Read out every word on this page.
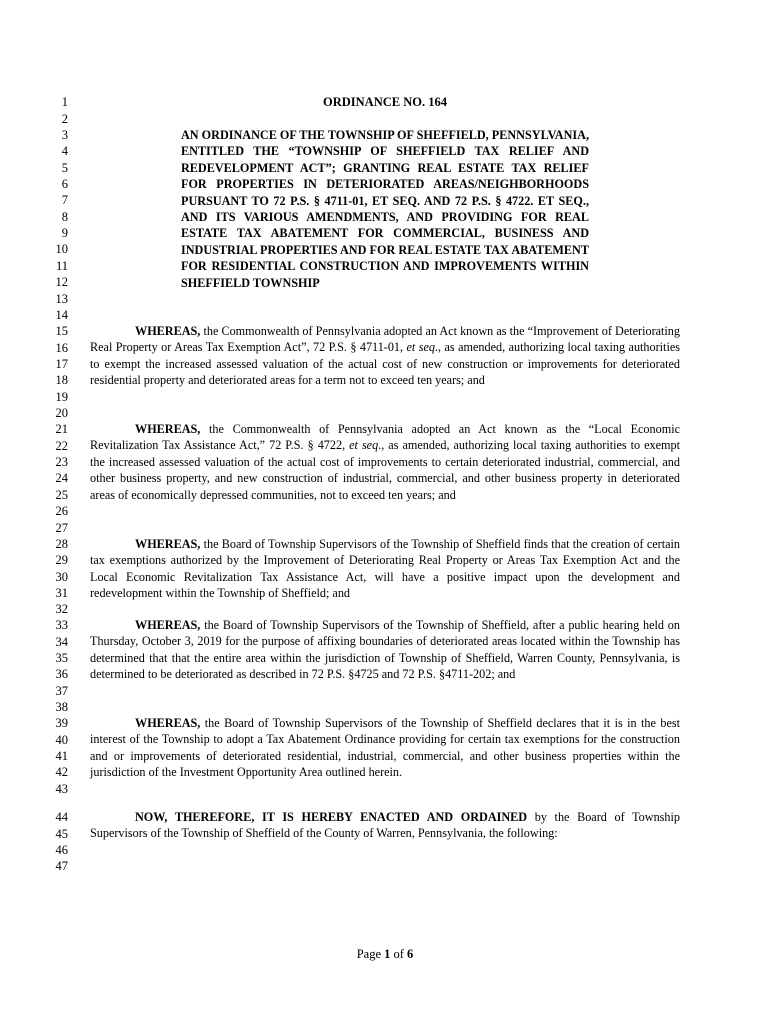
1
2
3
4
5
6
7
8
9
10
11
12
13
14
15
16
17
18
19
20
21
22
23
24
25
26
27
28
29
30
31
32
33
34
35
36
37
38
39
40
41
42
43
44
45
46
47
ORDINANCE NO. 164
AN ORDINANCE OF THE TOWNSHIP OF SHEFFIELD, PENNSYLVANIA, ENTITLED THE “TOWNSHIP OF SHEFFIELD TAX RELIEF AND REDEVELOPMENT ACT”; GRANTING REAL ESTATE TAX RELIEF FOR PROPERTIES IN DETERIORATED AREAS/NEIGHBORHOODS PURSUANT TO 72 P.S. § 4711-01, ET SEQ. AND 72 P.S. § 4722. ET SEQ., AND ITS VARIOUS AMENDMENTS, AND PROVIDING FOR REAL ESTATE TAX ABATEMENT FOR COMMERCIAL, BUSINESS AND INDUSTRIAL PROPERTIES AND FOR REAL ESTATE TAX ABATEMENT FOR RESIDENTIAL CONSTRUCTION AND IMPROVEMENTS WITHIN SHEFFIELD TOWNSHIP
WHEREAS, the Commonwealth of Pennsylvania adopted an Act known as the “Improvement of Deteriorating Real Property or Areas Tax Exemption Act”, 72 P.S. § 4711-01, et seq., as amended, authorizing local taxing authorities to exempt the increased assessed valuation of the actual cost of new construction or improvements for deteriorated residential property and deteriorated areas for a term not to exceed ten years; and
WHEREAS, the Commonwealth of Pennsylvania adopted an Act known as the “Local Economic Revitalization Tax Assistance Act,” 72 P.S. § 4722, et seq., as amended, authorizing local taxing authorities to exempt the increased assessed valuation of the actual cost of improvements to certain deteriorated industrial, commercial, and other business property, and new construction of industrial, commercial, and other business property in deteriorated areas of economically depressed communities, not to exceed ten years; and
WHEREAS, the Board of Township Supervisors of the Township of Sheffield finds that the creation of certain tax exemptions authorized by the Improvement of Deteriorating Real Property or Areas Tax Exemption Act and the Local Economic Revitalization Tax Assistance Act, will have a positive impact upon the development and redevelopment within the Township of Sheffield; and
WHEREAS, the Board of Township Supervisors of the Township of Sheffield, after a public hearing held on Thursday, October 3, 2019 for the purpose of affixing boundaries of deteriorated areas located within the Township has determined that that the entire area within the jurisdiction of Township of Sheffield, Warren County, Pennsylvania, is determined to be deteriorated as described in 72 P.S. §4725 and 72 P.S. §4711-202; and
WHEREAS, the Board of Township Supervisors of the Township of Sheffield declares that it is in the best interest of the Township to adopt a Tax Abatement Ordinance providing for certain tax exemptions for the construction and or improvements of deteriorated residential, industrial, commercial, and other business properties within the jurisdiction of the Investment Opportunity Area outlined herein.
NOW, THEREFORE, IT IS HEREBY ENACTED AND ORDAINED by the Board of Township Supervisors of the Township of Sheffield of the County of Warren, Pennsylvania, the following:
Page 1 of 6
